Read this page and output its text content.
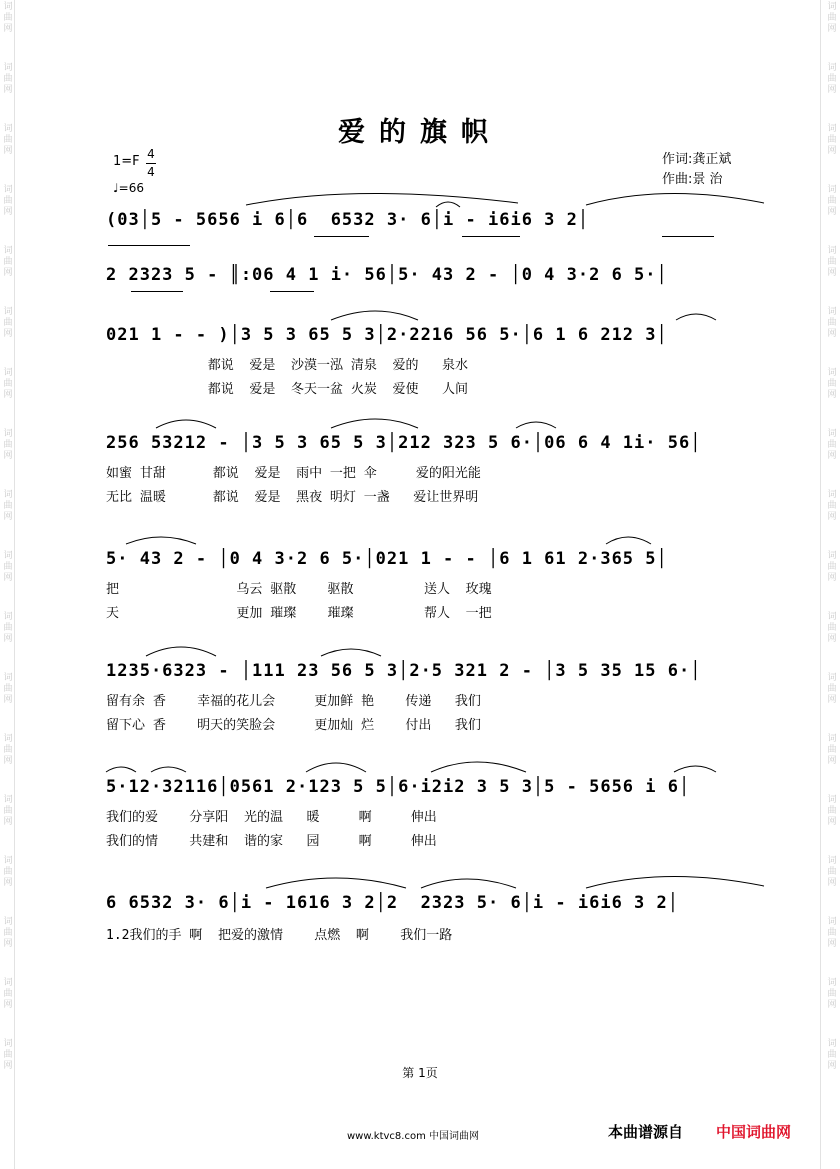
词曲网
词曲网
词曲网
词曲网
词曲网
词曲网
词曲网
词曲网
词曲网
词曲网
词曲网
词曲网
词曲网
词曲网
词曲网
词曲网
词曲网
词曲网
词曲网
词曲网
词曲网
词曲网
词曲网
词曲网
词曲网
词曲网
词曲网
词曲网
词曲网
词曲网
词曲网
词曲网
词曲网
词曲网
词曲网
词曲网
爱的旗帜
1=F 4
4
♩=66
作词:龚正斌
作曲:景 治
(03│5 - 5656 i 6│6  6532 3· 6│i - i6i6 3 2│
2 2323 5 - ║:06 4 1 i· 56│5· 43 2 - │0 4 3·2 6 5·│
021 1 - - )│3 5 3 65 5 3│2·2216 56 5·│6 1 6 212 3│
都说  爱是  沙漠一泓 清泉  爱的   泉水
都说  爱是  冬天一盆 火炭  爱使   人间
256 53212 - │3 5 3 65 5 3│212 323 5 6·│06 6 4 1i· 56│
如蜜 甘甜      都说  爱是  雨中 一把 伞     爱的阳光能
无比 温暖      都说  爱是  黑夜 明灯 一盏   爱让世界明
5· 43 2 - │0 4 3·2 6 5·│021 1 - - │6 1 61 2·365 5│
把               乌云 驱散    驱散         送人  玫瑰
天               更加 璀璨    璀璨         帮人  一把
1235·6323 - │111 23 56 5 3│2·5 321 2 - │3 5 35 15 6·│
留有余 香    幸福的花儿会     更加鲜 艳    传递   我们
留下心 香    明天的笑脸会     更加灿 烂    付出   我们
5·12·32116│0561 2·123 5 5│6·i2i2 3 5 3│5 - 5656 i 6│
我们的爱    分享阳  光的温   暖     啊     伸出
我们的情    共建和  谐的家   园     啊     伸出
6 6532 3· 6│i - 1616 3 2│2  2323 5· 6│i - i6i6 3 2│
1.2我们的手 啊  把爱的激情    点燃  啊    我们一路
第 1页
www.ktvc8.com 中国词曲网	本曲谱源自 中国词曲网
